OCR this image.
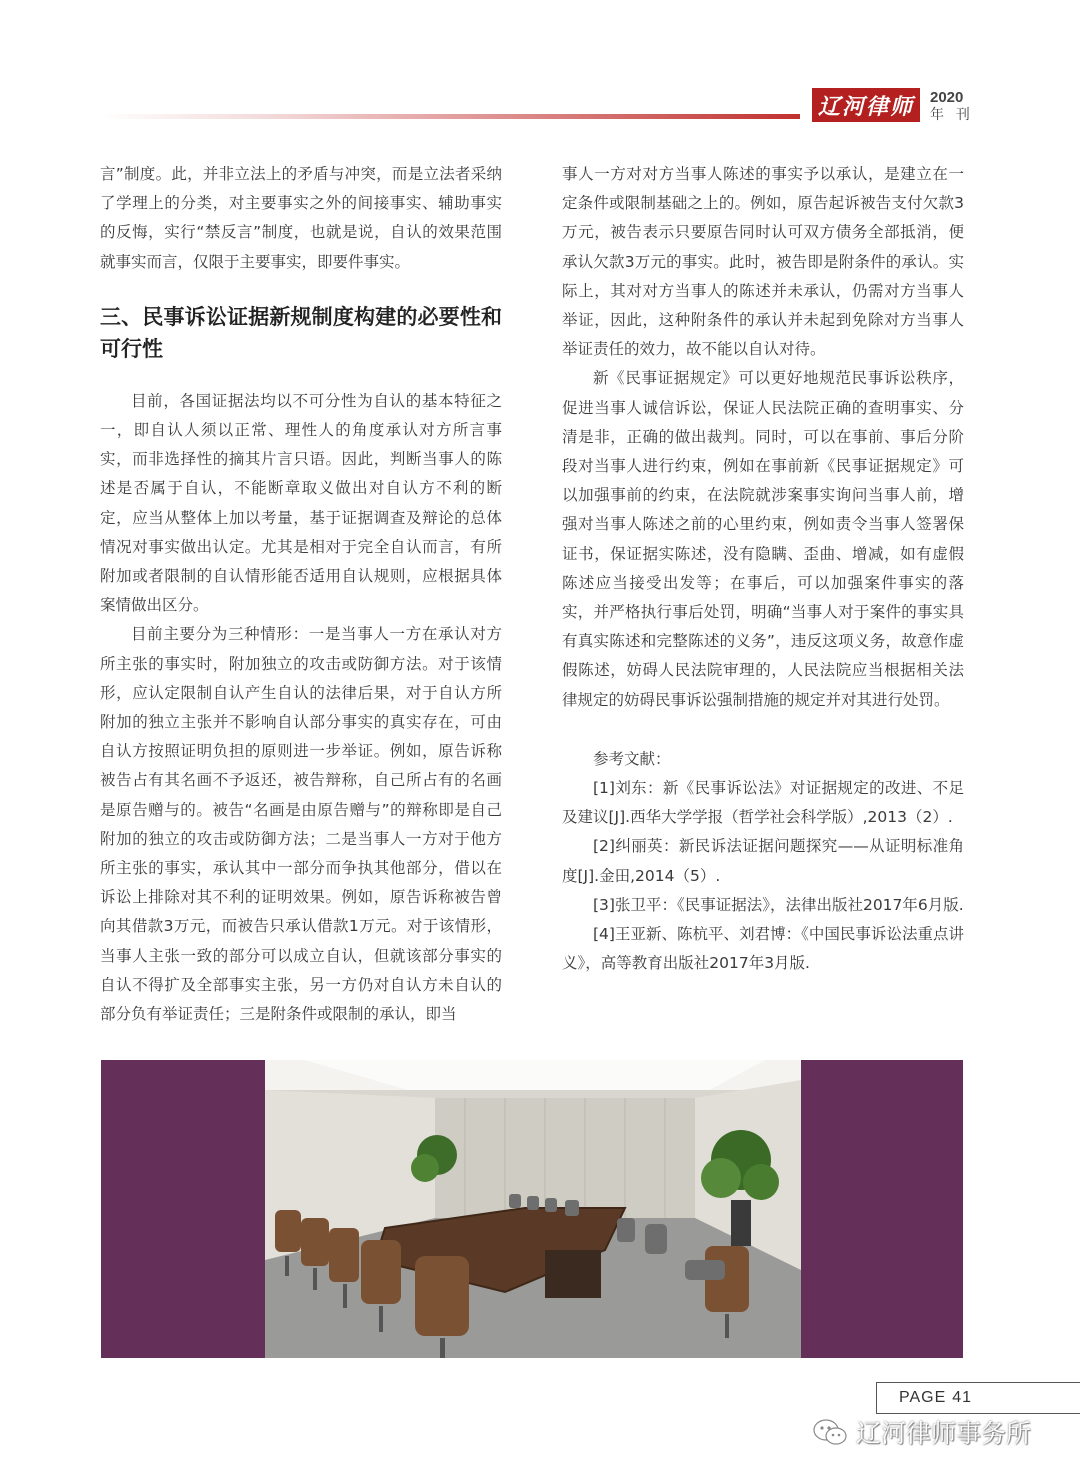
辽河律师	2020
年 刊

言”制度。此，并非立法上的矛盾与冲突，而是立法者采纳了学理上的分类，对主要事实之外的间接事实、辅助事实的反悔，实行“禁反言”制度，也就是说，自认的效果范围就事实而言，仅限于主要事实，即要件事实。

三、民事诉讼证据新规制度构建的必要性和可行性

目前，各国证据法均以不可分性为自认的基本特征之一，即自认人须以正常、理性人的角度承认对方所言事实，而非选择性的摘其片言只语。因此，判断当事人的陈述是否属于自认，不能断章取义做出对自认方不利的断定，应当从整体上加以考量，基于证据调查及辩论的总体情况对事实做出认定。尤其是相对于完全自认而言，有所附加或者限制的自认情形能否适用自认规则，应根据具体案情做出区分。

目前主要分为三种情形：一是当事人一方在承认对方所主张的事实时，附加独立的攻击或防御方法。对于该情形，应认定限制自认产生自认的法律后果，对于自认方所附加的独立主张并不影响自认部分事实的真实存在，可由自认方按照证明负担的原则进一步举证。例如，原告诉称被告占有其名画不予返还，被告辩称，自己所占有的名画是原告赠与的。被告“名画是由原告赠与”的辩称即是自己附加的独立的攻击或防御方法；二是当事人一方对于他方所主张的事实，承认其中一部分而争执其他部分，借以在诉讼上排除对其不利的证明效果。例如，原告诉称被告曾向其借款3万元，而被告只承认借款1万元。对于该情形，当事人主张一致的部分可以成立自认，但就该部分事实的自认不得扩及全部事实主张，另一方仍对自认方未自认的部分负有举证责任；三是附条件或限制的承认，即当

事人一方对对方当事人陈述的事实予以承认，是建立在一定条件或限制基础之上的。例如，原告起诉被告支付欠款3万元，被告表示只要原告同时认可双方债务全部抵消，便承认欠款3万元的事实。此时，被告即是附条件的承认。实际上，其对对方当事人的陈述并未承认，仍需对方当事人举证，因此，这种附条件的承认并未起到免除对方当事人举证责任的效力，故不能以自认对待。

新《民事证据规定》可以更好地规范民事诉讼秩序，促进当事人诚信诉讼，保证人民法院正确的查明事实、分清是非，正确的做出裁判。同时，可以在事前、事后分阶段对当事人进行约束，例如在事前新《民事证据规定》可以加强事前的约束，在法院就涉案事实询问当事人前，增强对当事人陈述之前的心里约束，例如责令当事人签署保证书，保证据实陈述，没有隐瞒、歪曲、增减，如有虚假陈述应当接受出发等；在事后，可以加强案件事实的落实，并严格执行事后处罚，明确“当事人对于案件的事实具有真实陈述和完整陈述的义务”，违反这项义务，故意作虚假陈述，妨碍人民法院审理的，人民法院应当根据相关法律规定的妨碍民事诉讼强制措施的规定并对其进行处罚。

参考文献：

[1]刘东：新《民事诉讼法》对证据规定的改进、不足及建议[J].西华大学学报（哲学社会科学版）,2013（2）.

[2]纠丽英：新民诉法证据问题探究——从证明标准角度[J].金田,2014（5）.

[3]张卫平：《民事证据法》，法律出版社2017年6月版.

[4]王亚新、陈杭平、刘君博：《中国民事诉讼法重点讲义》，高等教育出版社2017年3月版.

PAGE 41
辽河律师事务所
